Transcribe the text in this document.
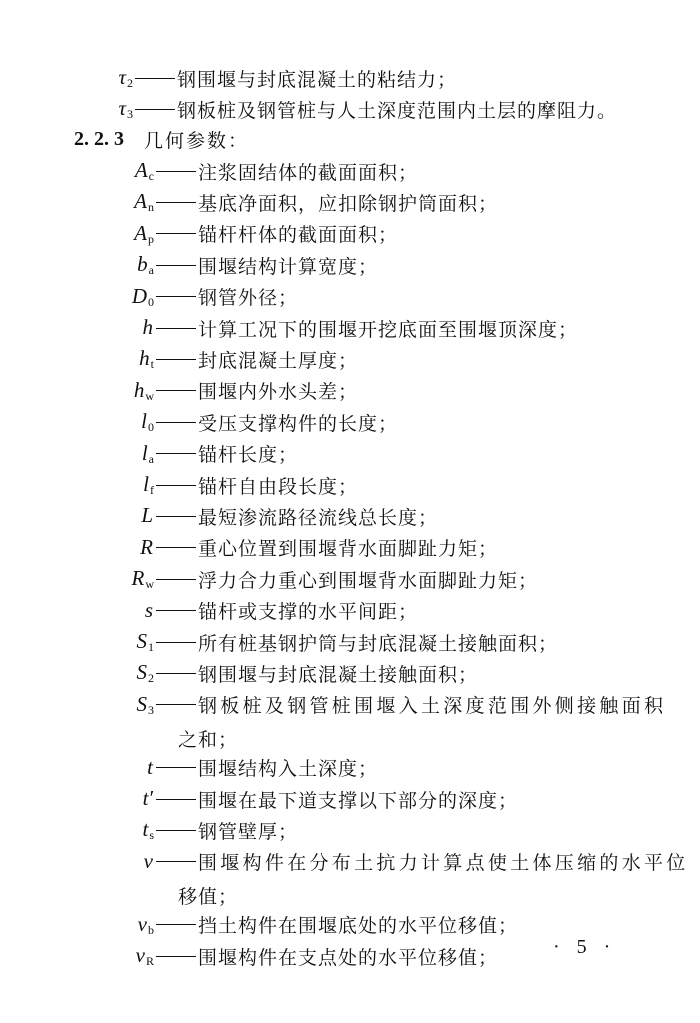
$\tau_2$ 钢围堰与封底混凝土的粘结力；
$\tau_3$ 钢板桩及钢管桩与人土深度范围内土层的摩阻力。
2. 2. 3 几何参数：
$A_c$ 注浆固结体的截面面积；
$A_n$ 基底净面积，应扣除钢护筒面积；
$A_p$ 锚杆杆体的截面面积；
$b_a$ 围堰结构计算宽度；
$D_0$ 钢管外径；
h 计算工况下的围堰开挖底面至围堰顶深度；
$h_t$ 封底混凝土厚度；
$h_w$ 围堰内外水头差；
$l_0$ 受压支撑构件的长度；
$l_a$ 锚杆长度；
$l_f$ 锚杆自由段长度；
L 最短渗流路径流线总长度；
R 重心位置到围堰背水面脚趾力矩；
$R_w$ 浮力合力重心到围堰背水面脚趾力矩；
s 锚杆或支撑的水平间距；
$S_1$ 所有桩基钢护筒与封底混凝土接触面积；
$S_2$ 钢围堰与封底混凝土接触面积；
$S_3$ 钢板桩及钢管桩围堰入土深度范围外侧接触面积
之和；
t 围堰结构入土深度；
t′ 围堰在最下道支撑以下部分的深度；
$t_s$ 钢管壁厚；
v 围堰构件在分布土抗力计算点使土体压缩的水平位
移值；
$v_b$ 挡土构件在围堰底处的水平位移值；
$v_R$ 围堰构件在支点处的水平位移值；	· 5 ·
